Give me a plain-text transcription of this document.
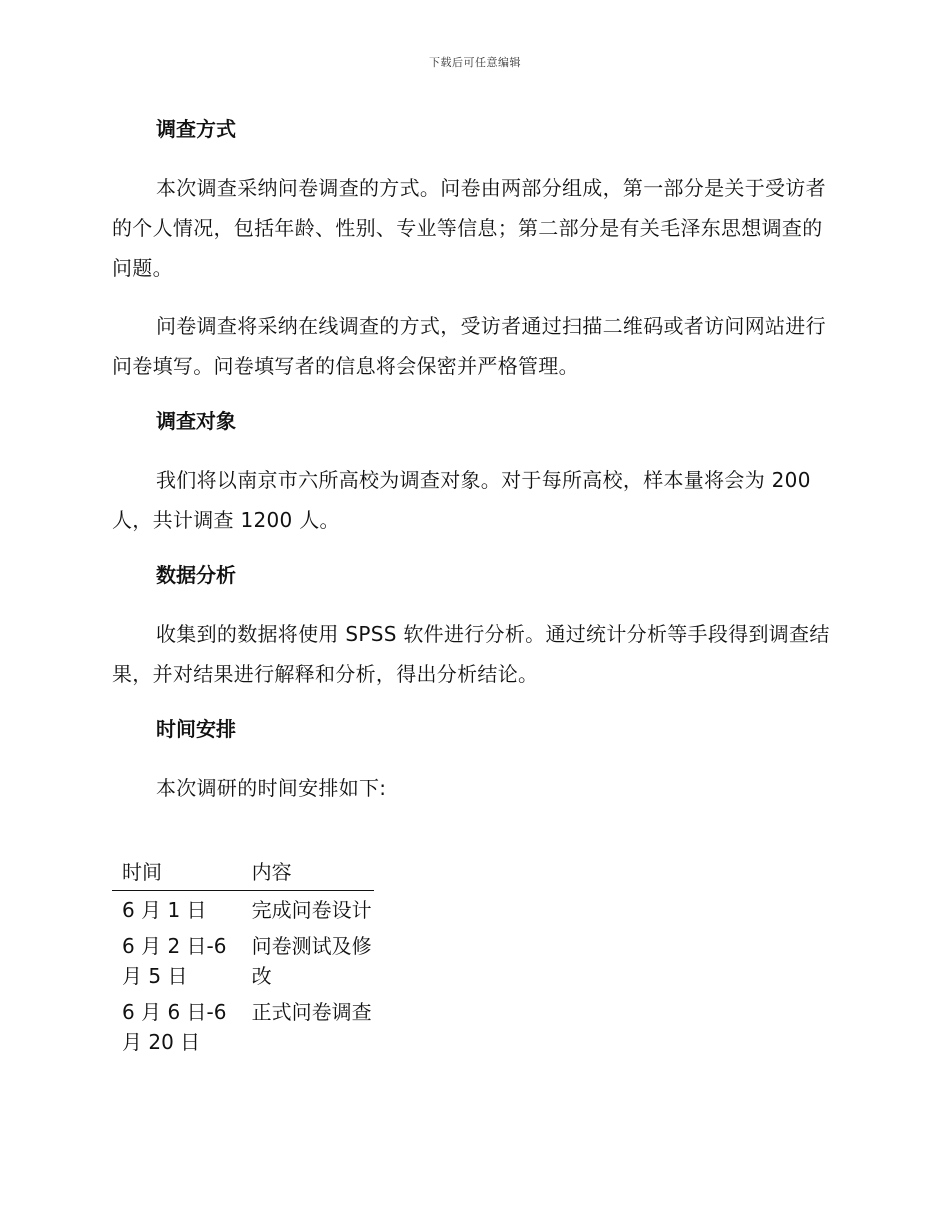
下载后可任意编辑
调查方式

本次调查采纳问卷调查的方式。问卷由两部分组成，第一部分是关于受访者的个人情况，包括年龄、性别、专业等信息；第二部分是有关毛泽东思想调查的问题。

问卷调查将采纳在线调查的方式，受访者通过扫描二维码或者访问网站进行问卷填写。问卷填写者的信息将会保密并严格管理。

调查对象

我们将以南京市六所高校为调查对象。对于每所高校，样本量将会为 200 人，共计调查 1200 人。

数据分析

收集到的数据将使用 SPSS 软件进行分析。通过统计分析等手段得到调查结果，并对结果进行解释和分析，得出分析结论。

时间安排

本次调研的时间安排如下:

时间	内容
6 月 1 日	完成问卷设计
6 月 2 日-6 月 5 日	问卷测试及修改
6 月 6 日-6 月 20 日	正式问卷调查
